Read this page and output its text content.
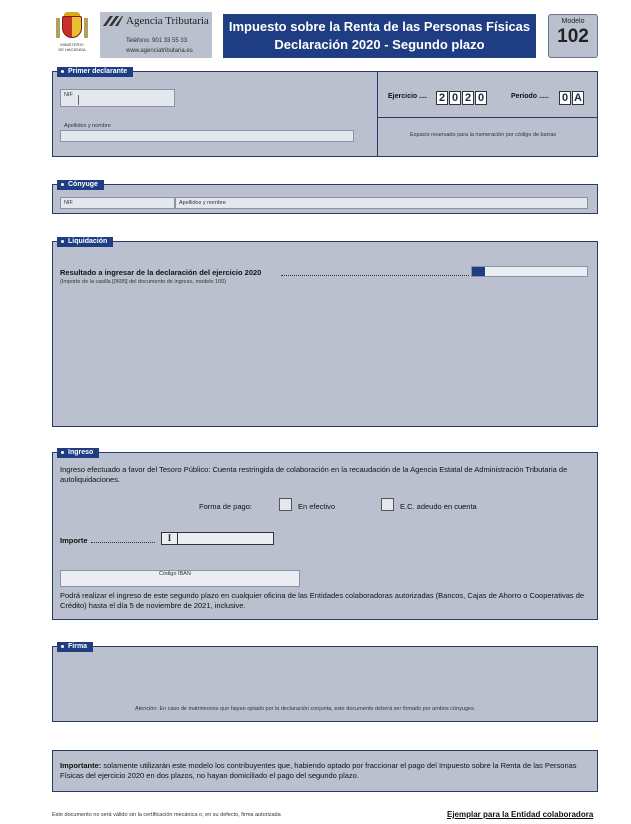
MINISTERIO
DE HACIENDA
Agencia Tributaria
Teléfono: 901 33 55 33
www.agenciatributaria.es
Impuesto sobre la Renta de las Personas Físicas
Declaración 2020 - Segundo plazo
Modelo
102
Primer declarante
NIF
Apellidos y nombre
Ejercicio .... 2 0 2 0	Período ..... 0 A
Espacio reservado para la numeración por código de barras
Cónyuge
NIF	Apellidos y nombre
Liquidación
Resultado a ingresar de la declaración del ejercicio 2020
(Importe de la casilla [0695] del documento de ingreso, modelo 100)
Ingreso
Ingreso efectuado a favor del Tesoro Público: Cuenta restringida de colaboración en la recaudación de la Agencia Estatal de Administración Tributaria de autoliquidaciones.
Forma de pago:	En efectivo	E.C. adeudo en cuenta
Importe	I
Código IBAN
Podrá realizar el ingreso de este segundo plazo en cualquier oficina de las Entidades colaboradoras autorizadas (Bancos, Cajas de Ahorro o Cooperativas de Crédito) hasta el día 5 de noviembre de 2021, inclusive.
Firma
Atención: En caso de matrimonios que hayan optado por la declaración conjunta, este documento deberá ser firmado por ambos cónyuges.
Importante: solamente utilizarán este modelo los contribuyentes que, habiendo optado por fraccionar el pago del Impuesto sobre la Renta de las Personas Físicas del ejercicio 2020 en dos plazos, no hayan domiciliado el pago del segundo plazo.
Este documento no será válido sin la certificación mecánica o, en su defecto, firma autorizada	Ejemplar para la Entidad colaboradora
